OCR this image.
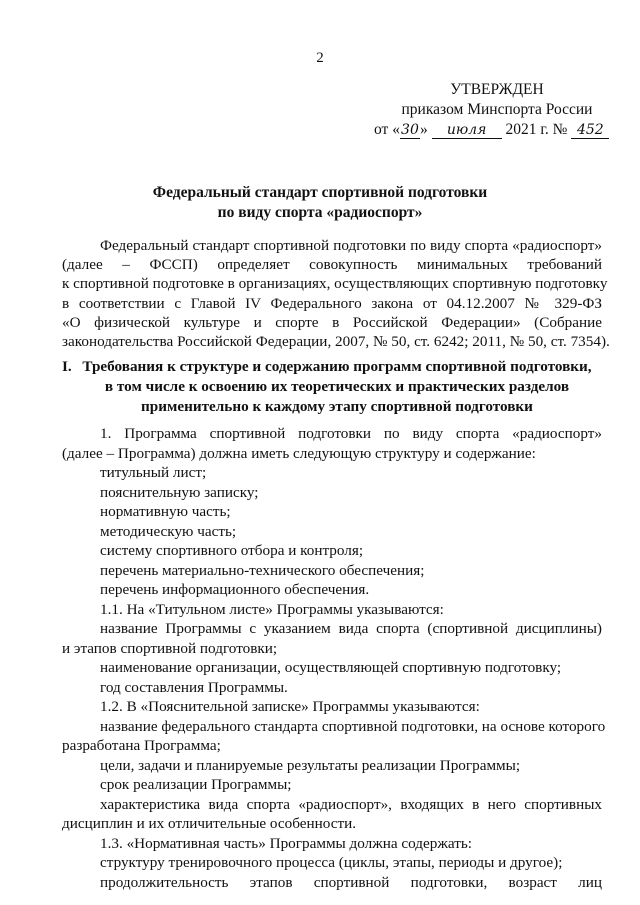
2
УТВЕРЖДЕН
приказом Минспорта России
от «30» июля 2021 г. № 452
Федеральный стандарт спортивной подготовки
по виду спорта «радиоспорт»
Федеральный стандарт спортивной подготовки по виду спорта «радиоспорт»
(далее – ФССП) определяет совокупность минимальных требований
к спортивной подготовке в организациях, осуществляющих спортивную подготовку
в соответствии с Главой IV Федерального закона от 04.12.2007 № 329-ФЗ
«О физической культуре и спорте в Российской Федерации» (Собрание
законодательства Российской Федерации, 2007, № 50, ст. 6242; 2011, № 50, ст. 7354).
I. Требования к структуре и содержанию программ спортивной подготовки,
в том числе к освоению их теоретических и практических разделов
применительно к каждому этапу спортивной подготовки
1. Программа спортивной подготовки по виду спорта «радиоспорт»
(далее – Программа) должна иметь следующую структуру и содержание:
титульный лист;
пояснительную записку;
нормативную часть;
методическую часть;
систему спортивного отбора и контроля;
перечень материально-технического обеспечения;
перечень информационного обеспечения.
1.1. На «Титульном листе» Программы указываются:
название Программы с указанием вида спорта (спортивной дисциплины)
и этапов спортивной подготовки;
наименование организации, осуществляющей спортивную подготовку;
год составления Программы.
1.2. В «Пояснительной записке» Программы указываются:
название федерального стандарта спортивной подготовки, на основе которого
разработана Программа;
цели, задачи и планируемые результаты реализации Программы;
срок реализации Программы;
характеристика вида спорта «радиоспорт», входящих в него спортивных
дисциплин и их отличительные особенности.
1.3. «Нормативная часть» Программы должна содержать:
структуру тренировочного процесса (циклы, этапы, периоды и другое);
продолжительность этапов спортивной подготовки, возраст лиц
